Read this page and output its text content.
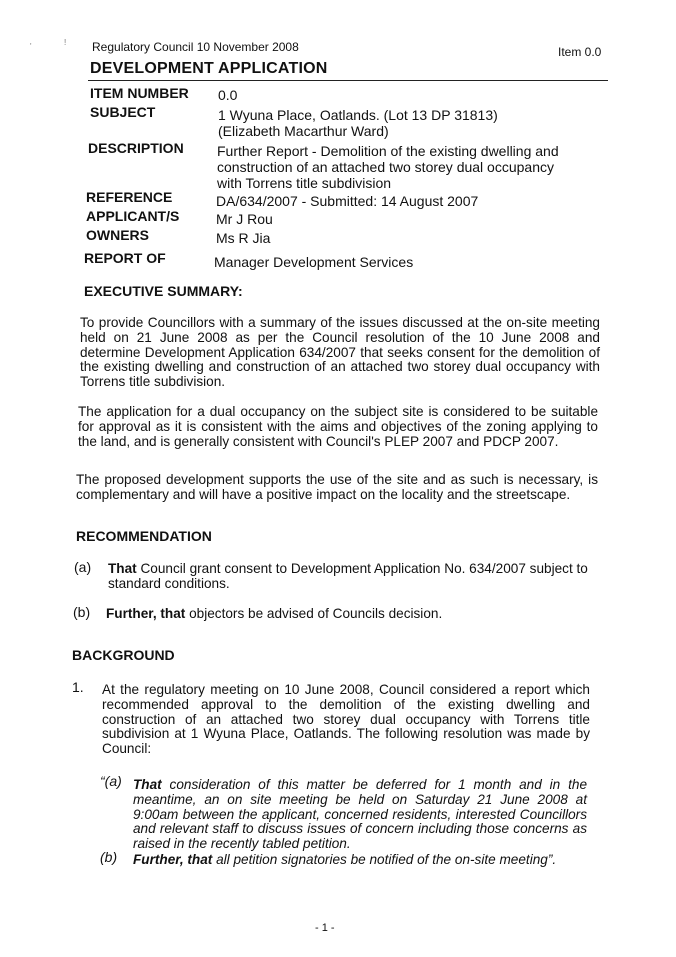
'	! Regulatory Council 10 November 2008	Item 0.0
DEVELOPMENT APPLICATION
ITEM NUMBER 0.0
SUBJECT	1 Wyuna Place, Oatlands. (Lot 13 DP 31813) (Elizabeth Macarthur Ward)
DESCRIPTION Further Report - Demolition of the existing dwelling and construction of an attached two storey dual occupancy with Torrens title subdivision
REFERENCE	DA/634/2007 - Submitted: 14 August 2007
APPLICANT/S	Mr J Rou
OWNERS	Ms R Jia
REPORT OF	Manager Development Services
EXECUTIVE SUMMARY:
To provide Councillors with a summary of the issues discussed at the on-site meeting held on 21 June 2008 as per the Council resolution of the 10 June 2008 and determine Development Application 634/2007 that seeks consent for the demolition of the existing dwelling and construction of an attached two storey dual occupancy with Torrens title subdivision.
The application for a dual occupancy on the subject site is considered to be suitable for approval as it is consistent with the aims and objectives of the zoning applying to the land, and is generally consistent with Council's PLEP 2007 and PDCP 2007.
The proposed development supports the use of the site and as such is necessary, is complementary and will have a positive impact on the locality and the streetscape.
RECOMMENDATION
(a) That Council grant consent to Development Application No. 634/2007 subject to standard conditions.
(b) Further, that objectors be advised of Councils decision.
BACKGROUND
1. At the regulatory meeting on 10 June 2008, Council considered a report which recommended approval to the demolition of the existing dwelling and construction of an attached two storey dual occupancy with Torrens title subdivision at 1 Wyuna Place, Oatlands. The following resolution was made by Council:
“(a) That consideration of this matter be deferred for 1 month and in the meantime, an on site meeting be held on Saturday 21 June 2008 at 9:00am between the applicant, concerned residents, interested Councillors and relevant staff to discuss issues of concern including those concerns as raised in the recently tabled petition.
(b) Further, that all petition signatories be notified of the on-site meeting”.
- 1 -
